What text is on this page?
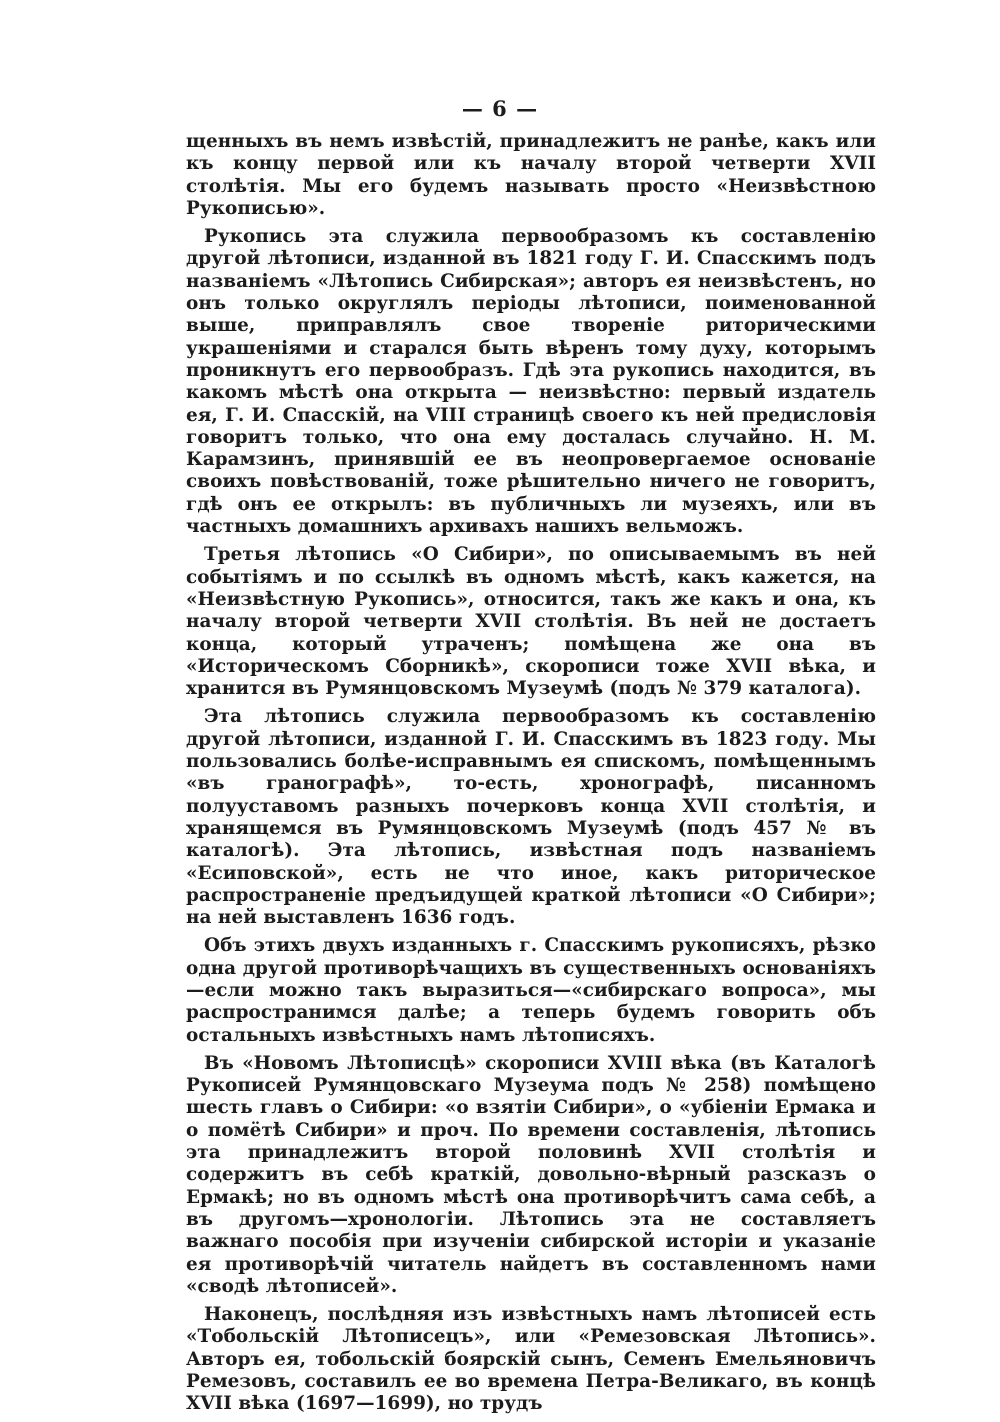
— 6 —

щенныхъ въ немъ извѣстій, принадлежитъ не ранѣе, какъ или къ концу первой или къ началу второй четверти XVII столѣтія. Мы его будемъ называть просто «Неизвѣстною Рукописью».

Рукопись эта служила первообразомъ къ составленію другой лѣтописи, изданной въ 1821 году Г. И. Спасскимъ подъ названіемъ «Лѣтопись Сибирская»; авторъ ея неизвѣстенъ, но онъ только округлялъ періоды лѣтописи, поименованной выше, приправлялъ свое твореніе риторическими украшеніями и старался быть вѣренъ тому духу, которымъ проникнутъ его первообразъ. Гдѣ эта рукопись находится, въ какомъ мѣстѣ она открыта — неизвѣстно: первый издатель ея, Г. И. Спасскій, на VIII страницѣ своего къ ней предисловія говоритъ только, что она ему досталась случайно. Н. М. Карамзинъ, принявшій ее въ неопровергаемое основаніе своихъ повѣствованій, тоже рѣшительно ничего не говоритъ, гдѣ онъ ее открылъ: въ публичныхъ ли музеяхъ, или въ частныхъ домашнихъ архивахъ нашихъ вельможъ.

Третья лѣтопись «О Сибири», по описываемымъ въ ней событіямъ и по ссылкѣ въ одномъ мѣстѣ, какъ кажется, на «Неизвѣстную Рукопись», относится, такъ же какъ и она, къ началу второй четверти XVII столѣтія. Въ ней не достаетъ конца, который утраченъ; помѣщена же она въ «Историческомъ Сборникѣ», скорописи тоже XVII вѣка, и хранится въ Румянцовскомъ Музеумѣ (подъ № 379 каталога).

Эта лѣтопись служила первообразомъ къ составленію другой лѣтописи, изданной Г. И. Спасскимъ въ 1823 году. Мы пользовались болѣе-исправнымъ ея спискомъ, помѣщеннымъ «въ гранографѣ», то-есть, хронографѣ, писанномъ полууставомъ разныхъ почерковъ конца XVII столѣтія, и хранящемся въ Румянцовскомъ Музеумѣ (подъ 457 № въ каталогѣ). Эта лѣтопись, извѣстная подъ названіемъ «Есиповской», есть не что иное, какъ риторическое распространеніе предъидущей краткой лѣтописи «О Сибири»; на ней выставленъ 1636 годъ.

Объ этихъ двухъ изданныхъ г. Спасскимъ рукописяхъ, рѣзко одна другой противорѣчащихъ въ существенныхъ основаніяхъ—если можно такъ выразиться—«сибирскаго вопроса», мы распространимся далѣе; а теперь будемъ говорить объ остальныхъ извѣстныхъ намъ лѣтописяхъ.

Въ «Новомъ Лѣтописцѣ» скорописи XVIII вѣка (въ Каталогѣ Рукописей Румянцовскаго Музеума подъ № 258) помѣщено шесть главъ о Сибири: «о взятіи Сибири», о «убіеніи Ермака и о помётѣ Сибири» и проч. По времени составленія, лѣтопись эта принадлежитъ второй половинѣ XVII столѣтія и содержитъ въ себѣ краткій, довольно-вѣрный разсказъ о Ермакѣ; но въ одномъ мѣстѣ она противорѣчитъ сама себѣ, а въ другомъ—хронологіи. Лѣтопись эта не составляетъ важнаго пособія при изученіи сибирской исторіи и указаніе ея противорѣчій читатель найдетъ въ составленномъ нами «сводѣ лѣтописей».

Наконецъ, послѣдняя изъ извѣстныхъ намъ лѣтописей есть «Тобольскій Лѣтописецъ», или «Ремезовская Лѣтопись». Авторъ ея, тобольскій боярскій сынъ, Семенъ Емельяновичъ Ремезовъ, составилъ ее во времена Петра-Великаго, въ концѣ XVII вѣка (1697—1699), но трудъ
